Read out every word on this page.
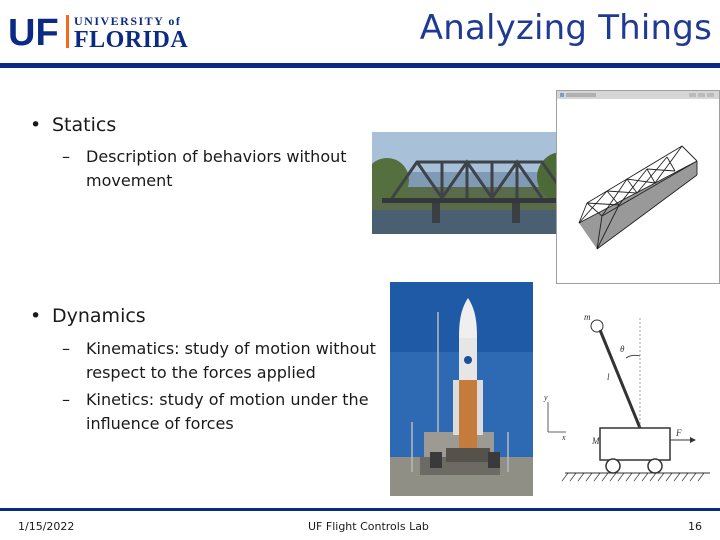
UF UNIVERSITY of
FLORIDA	Analyzing Things
• Statics
– Description of behaviors without movement
• Dynamics
– Kinematics: study of motion without respect to the forces applied
– Kinetics: study of motion under the influence of forces
m
θ
l
M
F
y
x
1/15/2022	UF Flight Controls Lab	16
